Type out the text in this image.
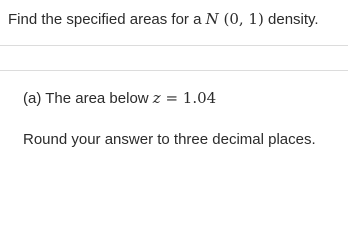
Find the specified areas for a N (0, 1) density.
(a) The area below z = 1.04
Round your answer to three decimal places.
